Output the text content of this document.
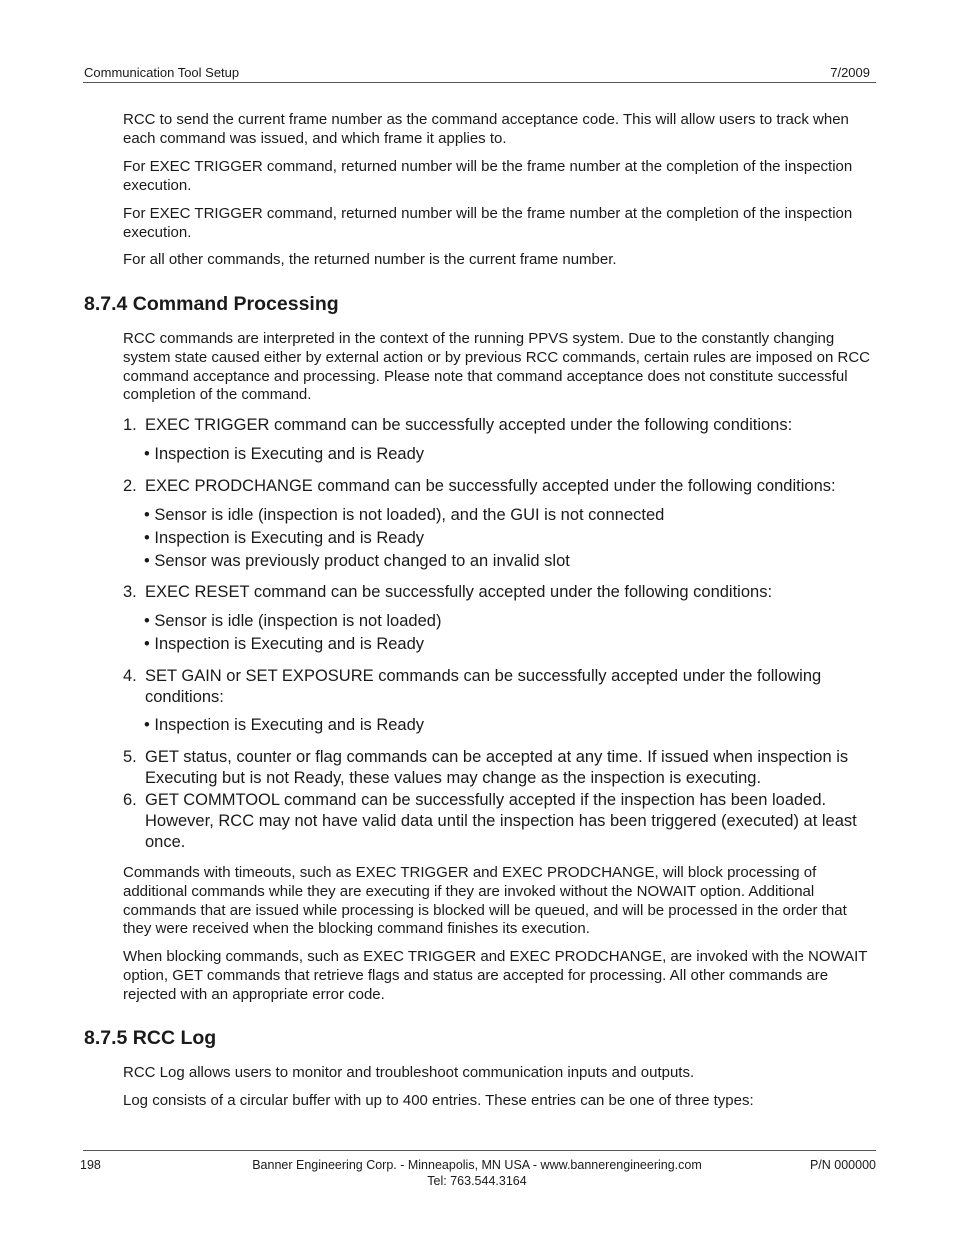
Communication Tool Setup	7/2009

RCC to send the current frame number as the command acceptance code. This will allow users to track when each command was issued, and which frame it applies to.

For EXEC TRIGGER command, returned number will be the frame number at the completion of the inspection execution.

For EXEC TRIGGER command, returned number will be the frame number at the completion of the inspection execution.

For all other commands, the returned number is the current frame number.

8.7.4 Command Processing

RCC commands are interpreted in the context of the running PPVS system. Due to the constantly changing system state caused either by external action or by previous RCC commands, certain rules are imposed on RCC command acceptance and processing. Please note that command acceptance does not constitute successful completion of the command.

1. EXEC TRIGGER command can be successfully accepted under the following conditions:
• Inspection is Executing and is Ready
2. EXEC PRODCHANGE command can be successfully accepted under the following conditions:
• Sensor is idle (inspection is not loaded), and the GUI is not connected
• Inspection is Executing and is Ready
• Sensor was previously product changed to an invalid slot
3. EXEC RESET command can be successfully accepted under the following conditions:
• Sensor is idle (inspection is not loaded)
• Inspection is Executing and is Ready
4. SET GAIN or SET EXPOSURE commands can be successfully accepted under the following conditions:
• Inspection is Executing and is Ready
5. GET status, counter or flag commands can be accepted at any time. If issued when inspection is Executing but is not Ready, these values may change as the inspection is executing.
6. GET COMMTOOL command can be successfully accepted if the inspection has been loaded. However, RCC may not have valid data until the inspection has been triggered (executed) at least once.

Commands with timeouts, such as EXEC TRIGGER and EXEC PRODCHANGE, will block processing of additional commands while they are executing if they are invoked without the NOWAIT option. Additional commands that are issued while processing is blocked will be queued, and will be processed in the order that they were received when the blocking command finishes its execution.

When blocking commands, such as EXEC TRIGGER and EXEC PRODCHANGE, are invoked with the NOWAIT option, GET commands that retrieve flags and status are accepted for processing. All other commands are rejected with an appropriate error code.

8.7.5 RCC Log

RCC Log allows users to monitor and troubleshoot communication inputs and outputs.

Log consists of a circular buffer with up to 400 entries. These entries can be one of three types:

198	Banner Engineering Corp. - Minneapolis, MN USA - www.bannerengineering.com
Tel: 763.544.3164
P/N 000000
